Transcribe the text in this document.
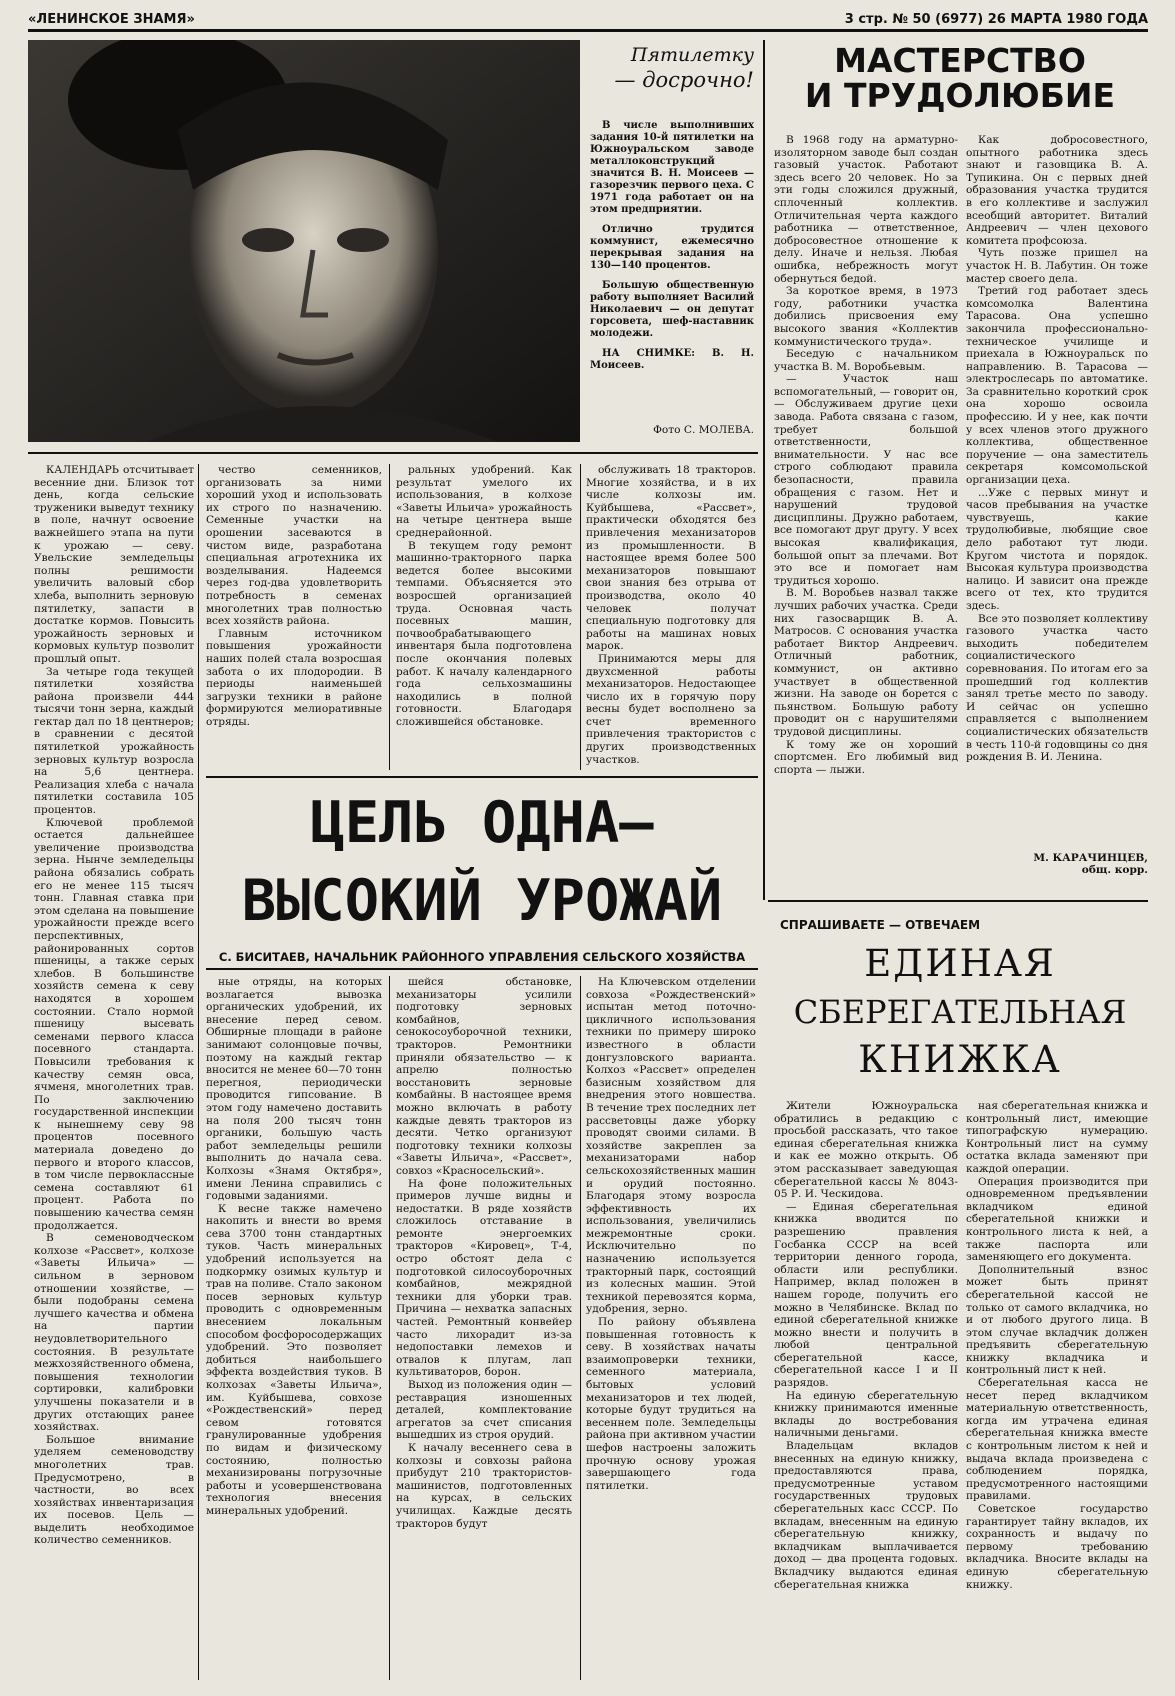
«ЛЕНИНСКОЕ ЗНАМЯ»	3 стр. № 50 (6977) 26 МАРТА 1980 ГОДА
Пятилетку
— досрочно!

В числе выполнивших задания 10-й пятилетки на Южноуральском заводе металлоконструкций значится В. Н. Моисеев — газорезчик первого цеха. С 1971 года работает он на этом предприятии.

Отлично трудится коммунист, ежемесячно перекрывая задания на 130—140 процентов.

Большую общественную работу выполняет Василий Николаевич — он депутат горсовета, шеф-наставник молодежи.

НА СНИМКЕ: В. Н. Моисеев.

Фото С. МОЛЕВА.
МАСТЕРСТВО
И ТРУДОЛЮБИЕ

В 1968 году на арматурно-изоляторном заводе был создан газовый участок. Работают здесь всего 20 человек. Но за эти годы сложился дружный, сплоченный коллектив. Отличительная черта каждого работника — ответственное, добросовестное отношение к делу. Иначе и нельзя. Любая ошибка, небрежность могут обернуться бедой.

За короткое время, в 1973 году, работники участка добились присвоения ему высокого звания «Коллектив коммунистического труда».

Беседую с начальником участка В. М. Воробьевым.

— Участок наш вспомогательный, — говорит он, — Обслуживаем другие цехи завода. Работа связана с газом, требует большой ответственности, внимательности. У нас все строго соблюдают правила безопасности, правила обращения с газом. Нет и нарушений трудовой дисциплины. Дружно работаем, все помогают друг другу. У всех высокая квалификация, большой опыт за плечами. Вот это все и помогает нам трудиться хорошо.

В. М. Воробьев назвал также лучших рабочих участка. Среди них газосварщик В. А. Матросов. С основания участка работает Виктор Андреевич. Отличный работник, коммунист, он активно участвует в общественной жизни. На заводе он борется с пьянством. Большую работу проводит он с нарушителями трудовой дисциплины.

К тому же он хороший спортсмен. Его любимый вид спорта — лыжи.

Как добросовестного, опытного работника здесь знают и газовщика В. А. Тупикина. Он с первых дней образования участка трудится в его коллективе и заслужил всеобщий авторитет. Виталий Андреевич — член цехового комитета профсоюза.

Чуть позже пришел на участок Н. В. Лабутин. Он тоже мастер своего дела.

Третий год работает здесь комсомолка Валентина Тарасова. Она успешно закончила профессионально-техническое училище и приехала в Южноуральск по направлению. В. Тарасова — электрослесарь по автоматике. За сравнительно короткий срок она хорошо освоила профессию. И у нее, как почти у всех членов этого дружного коллектива, общественное поручение — она заместитель секретаря комсомольской организации цеха.

...Уже с первых минут и часов пребывания на участке чувствуешь, какие трудолюбивые, любящие свое дело работают тут люди. Кругом чистота и порядок. Высокая культура производства налицо. И зависит она прежде всего от тех, кто трудится здесь.

Все это позволяет коллективу газового участка часто выходить победителем социалистического соревнования. По итогам его за прошедший год коллектив занял третье место по заводу. И сейчас он успешно справляется с выполнением социалистических обязательств в честь 110-й годовщины со дня рождения В. И. Ленина.

М. КАРАЧИНЦЕВ,
общ. корр.

КАЛЕНДАРЬ отсчитывает весенние дни. Близок тот день, когда сельские труженики выведут технику в поле, начнут освоение важнейшего этапа на пути к урожаю — севу. Увельские земледельцы полны решимости увеличить валовый сбор хлеба, выполнить зерновую пятилетку, запасти в достатке кормов. Повысить урожайность зерновых и кормовых культур позволит прошлый опыт.

За четыре года текущей пятилетки хозяйства района произвели 444 тысячи тонн зерна, каждый гектар дал по 18 центнеров; в сравнении с десятой пятилеткой урожайность зерновых культур возросла на 5,6 центнера. Реализация хлеба с начала пятилетки составила 105 процентов.

Ключевой проблемой остается дальнейшее увеличение производства зерна. Нынче земледельцы района обязались собрать его не менее 115 тысяч тонн. Главная ставка при этом сделана на повышение урожайности прежде всего перспективных, районированных сортов пшеницы, а также серых хлебов. В большинстве хозяйств семена к севу находятся в хорошем состоянии. Стало нормой пшеницу высевать семенами первого класса посевного стандарта. Повысили требования к качеству семян овса, ячменя, многолетних трав. По заключению государственной инспекции к нынешнему севу 98 процентов посевного материала доведено до первого и второго классов, в том числе первоклассные семена составляют 61 процент. Работа по повышению качества семян продолжается.

В семеноводческом колхозе «Рассвет», колхозе «Заветы Ильича» — сильном в зерновом отношении хозяйстве, — были подобраны семена лучшего качества и обмена на партии неудовлетворительного состояния. В результате межхозяйственного обмена, повышения технологии сортировки, калибровки улучшены показатели и в других отстающих ранее хозяйствах.

Большое внимание уделяем семеноводству многолетних трав. Предусмотрено, в частности, во всех хозяйствах инвентаризация их посевов. Цель — выделить необходимое количество семенников.

чество семенников, организовать за ними хороший уход и использовать их строго по назначению. Семенные участки на орошении засеваются в чистом виде, разработана специальная агротехника их возделывания. Надеемся через год-два удовлетворить потребность в семенах многолетних трав полностью всех хозяйств района.

Главным источником повышения урожайности наших полей стала возросшая забота о их плодородии. В периоды наименьшей загрузки техники в районе формируются мелиоративные отряды.

ральных удобрений. Как результат умелого их использования, в колхозе «Заветы Ильича» урожайность на четыре центнера выше среднерайонной.

В текущем году ремонт машинно-тракторного парка ведется более высокими темпами. Объясняется это возросшей организацией труда. Основная часть посевных машин, почвообрабатывающего инвентаря была подготовлена после окончания полевых работ. К началу календарного года сельхозмашины находились в полной готовности. Благодаря сложившейся обстановке.

обслуживать 18 тракторов. Многие хозяйства, и в их числе колхозы им. Куйбышева, «Рассвет», практически обходятся без привлечения механизаторов из промышленности. В настоящее время более 500 механизаторов повышают свои знания без отрыва от производства, около 40 человек получат специальную подготовку для работы на машинах новых марок.

Принимаются меры для двухсменной работы механизаторов. Недостающее число их в горячую пору весны будет восполнено за счет временного привлечения трактористов с других производственных участков.

ЦЕЛЬ ОДНА—
ВЫСОКИЙ УРОЖАЙ
С. БИСИТАЕВ, НАЧАЛЬНИК РАЙОННОГО УПРАВЛЕНИЯ СЕЛЬСКОГО ХОЗЯЙСТВА

ные отряды, на которых возлагается вывозка органических удобрений, их внесение перед севом. Обширные площади в районе занимают солонцовые почвы, поэтому на каждый гектар вносится не менее 60—70 тонн перегноя, периодически проводится гипсование. В этом году намечено доставить на поля 200 тысяч тонн органики, большую часть работ земледельцы решили выполнить до начала сева. Колхозы «Знамя Октября», имени Ленина справились с годовыми заданиями.

К весне также намечено накопить и внести во время сева 3700 тонн стандартных туков. Часть минеральных удобрений используется на подкормку озимых культур и трав на поливе. Стало законом посев зерновых культур проводить с одновременным внесением локальным способом фосфоросодержащих удобрений. Это позволяет добиться наибольшего эффекта воздействия туков. В колхозах «Заветы Ильича», им. Куйбышева, совхозе «Рождественский» перед севом готовятся гранулированные удобрения по видам и физическому состоянию, полностью механизированы погрузочные работы и усовершенствована технология внесения минеральных удобрений.

шейся обстановке, механизаторы усилили подготовку зерновых комбайнов, сенокосоуборочной техники, тракторов. Ремонтники приняли обязательство — к апрелю полностью восстановить зерновые комбайны. В настоящее время можно включать в работу каждые девять тракторов из десяти. Четко организуют подготовку техники колхозы «Заветы Ильича», «Рассвет», совхоз «Красносельский».

На фоне положительных примеров лучше видны и недостатки. В ряде хозяйств сложилось отставание в ремонте энергоемких тракторов «Кировец», Т-4, остро обстоят дела с подготовкой силосоуборочных комбайнов, межрядной техники для уборки трав. Причина — нехватка запасных частей. Ремонтный конвейер часто лихорадит из-за недопоставки лемехов и отвалов к плугам, лап культиваторов, борон.

Выход из положения один — реставрация изношенных деталей, комплектование агрегатов за счет списания вышедших из строя орудий.

К началу весеннего сева в колхозы и совхозы района прибудут 210 трактористов-машинистов, подготовленных на курсах, в сельских училищах. Каждые десять тракторов будут

На Ключевском отделении совхоза «Рождественский» испытан метод поточно-цикличного использования техники по примеру широко известного в области донгузловского варианта. Колхоз «Рассвет» определен базисным хозяйством для внедрения этого новшества. В течение трех последних лет рассветовцы даже уборку проводят своими силами. В хозяйстве закреплен за механизаторами набор сельскохозяйственных машин и орудий постоянно. Благодаря этому возросла эффективность их использования, увеличились межремонтные сроки. Исключительно по назначению используется тракторный парк, состоящий из колесных машин. Этой техникой перевозятся корма, удобрения, зерно.

По району объявлена повышенная готовность к севу. В хозяйствах начаты взаимопроверки техники, семенного материала, бытовых условий механизаторов и тех людей, которые будут трудиться на весеннем поле. Земледельцы района при активном участии шефов настроены заложить прочную основу урожая завершающего года пятилетки.

СПРАШИВАЕТЕ — ОТВЕЧАЕМ
ЕДИНАЯ
СБЕРЕГАТЕЛЬНАЯ
КНИЖКА

Жители Южноуральска обратились в редакцию с просьбой рассказать, что такое единая сберегательная книжка и как ее можно открыть. Об этом рассказывает заведующая сберегательной кассы № 8043-05 Р. И. Ческидова.

— Единая сберегательная книжка вводится по разрешению правления Госбанка СССР на всей территории денного города, области или республики. Например, вклад положен в нашем городе, получить его можно в Челябинске. Вклад по единой сберегательной книжке можно внести и получить в любой центральной сберегательной кассе, сберегательной кассе I и II разрядов.

На единую сберегательную книжку принимаются именные вклады до востребования наличными деньгами.

Владельцам вкладов внесенных на единую книжку, предоставляются права, предусмотренные уставом государственных трудовых сберегательных касс СССР. По вкладам, внесенным на единую сберегательную книжку, вкладчикам выплачивается доход — два процента годовых. Вкладчику выдаются единая сберегательная книжка

ная сберегательная книжка и контрольный лист, имеющие типографскую нумерацию. Контрольный лист на сумму остатка вклада заменяют при каждой операции.

Операция производится при одновременном предъявлении вкладчиком единой сберегательной книжки и контрольного листа к ней, а также паспорта или заменяющего его документа.

Дополнительный взнос может быть принят сберегательной кассой не только от самого вкладчика, но и от любого другого лица. В этом случае вкладчик должен предъявить сберегательную книжку вкладчика и контрольный лист к ней.

Сберегательная касса не несет перед вкладчиком материальную ответственность, когда им утрачена единая сберегательная книжка вместе с контрольным листом к ней и выдача вклада произведена с соблюдением порядка, предусмотренного настоящими правилами.

Советское государство гарантирует тайну вкладов, их сохранность и выдачу по первому требованию вкладчика. Вносите вклады на единую сберегательную книжку.
